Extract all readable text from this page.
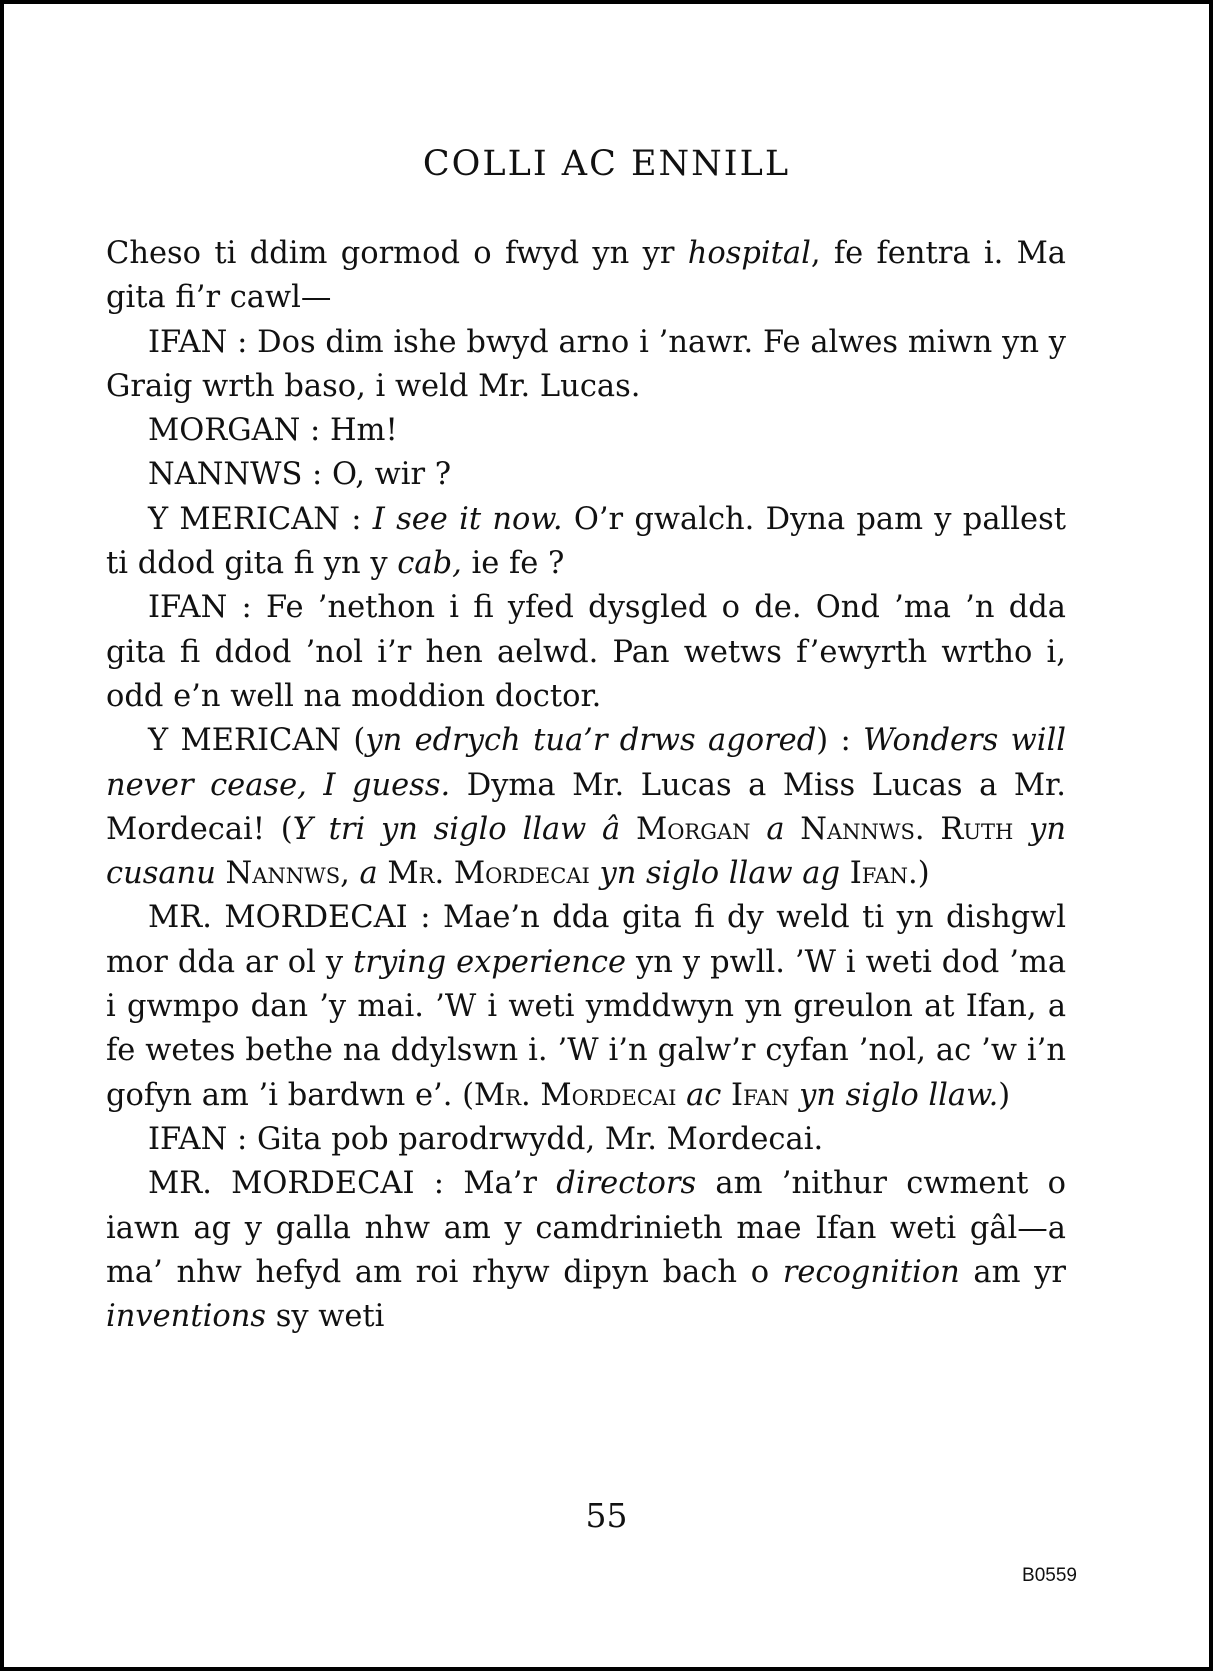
COLLI AC ENNILL

Cheso ti ddim gormod o fwyd yn yr hospital, fe fentra i. Ma gita fi’r cawl—

IFAN : Dos dim ishe bwyd arno i ’nawr. Fe alwes miwn yn y Graig wrth baso, i weld Mr. Lucas.

MORGAN : Hm!

NANNWS : O, wir ?

Y MERICAN : I see it now. O’r gwalch. Dyna pam y pallest ti ddod gita fi yn y cab, ie fe ?

IFAN : Fe ’nethon i fi yfed dysgled o de. Ond ’ma ’n dda gita fi ddod ’nol i’r hen aelwd. Pan wetws f’ewyrth wrtho i, odd e’n well na moddion doctor.

Y MERICAN (yn edrych tua’r drws agored) : Wonders will never cease, I guess. Dyma Mr. Lucas a Miss Lucas a Mr. Mordecai! (Y tri yn siglo llaw â Morgan a Nannws. Ruth yn cusanu Nannws, a Mr. Mordecai yn siglo llaw ag Ifan.)

MR. MORDECAI : Mae’n dda gita fi dy weld ti yn dishgwl mor dda ar ol y trying experience yn y pwll. ’W i weti dod ’ma i gwmpo dan ’y mai. ’W i weti ymddwyn yn greulon at Ifan, a fe wetes bethe na ddylswn i. ’W i’n galw’r cyfan ’nol, ac ’w i’n gofyn am ’i bardwn e’. (Mr. Mordecai ac Ifan yn siglo llaw.)

IFAN : Gita pob parodrwydd, Mr. Mordecai.

MR. MORDECAI : Ma’r directors am ’nithur cwment o iawn ag y galla nhw am y camdrinieth mae Ifan weti gâl—a ma’ nhw hefyd am roi rhyw dipyn bach o recognition am yr inventions sy weti

55
B0559
